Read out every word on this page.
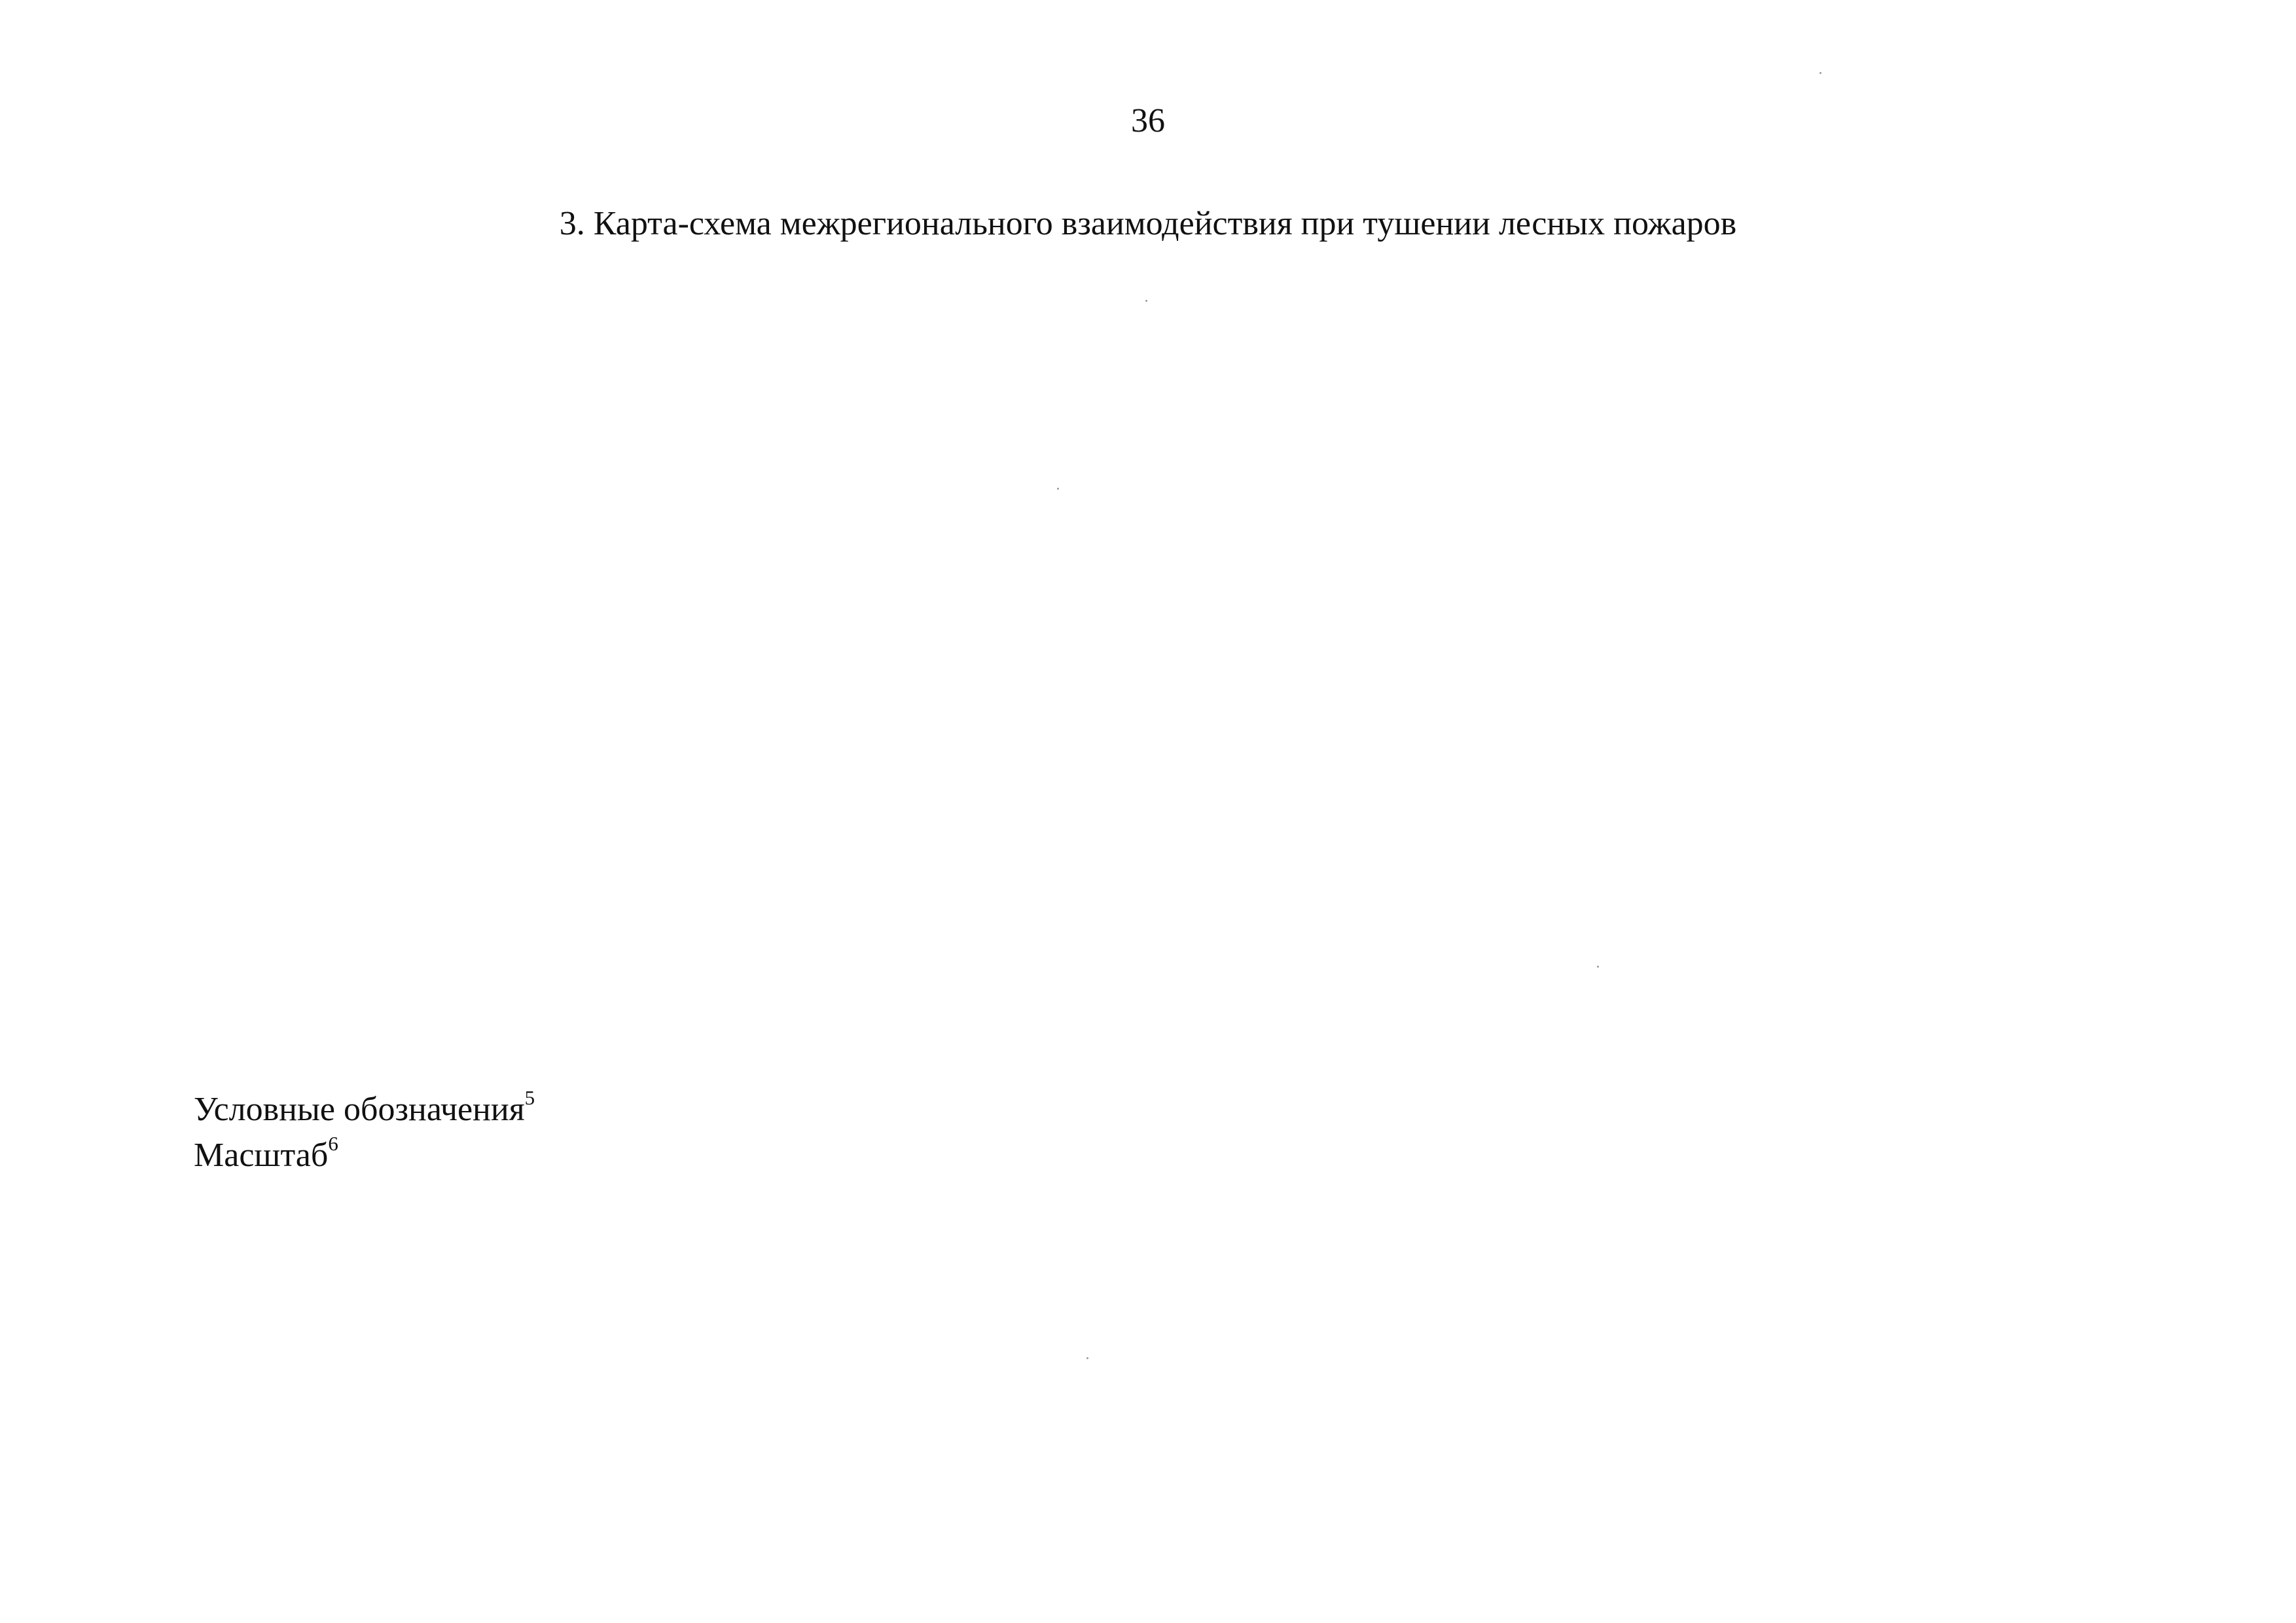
36
3. Карта-схема межрегионального взаимодействия при тушении лесных пожаров
Условные обозначения$^5$
Масштаб$^6$
